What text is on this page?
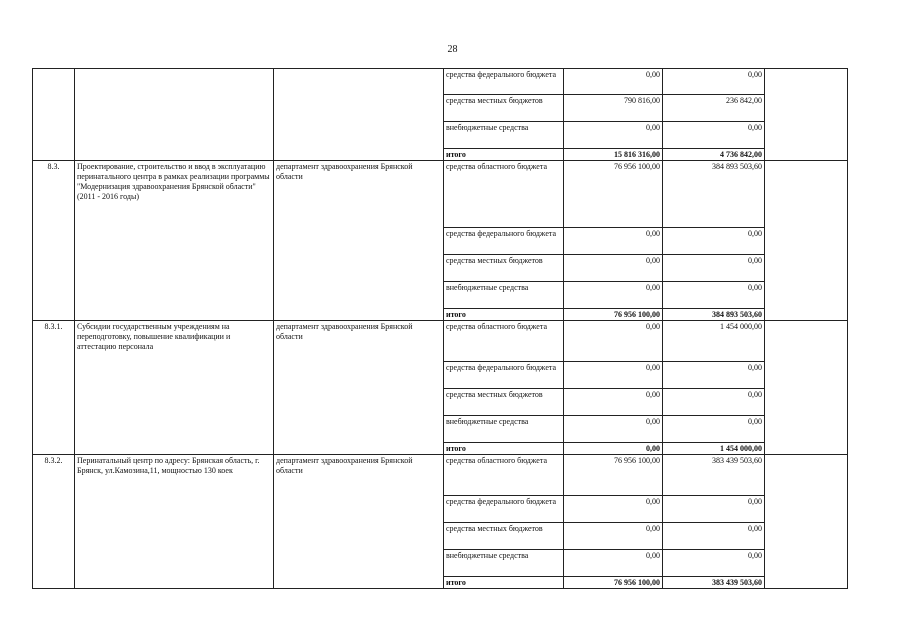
28
			средства федерального бюджета	0,00	0,00	
			средства местных бюджетов	790 816,00	236 842,00	
			внебюджетные средства	0,00	0,00	
			итого	15 816 316,00	4 736 842,00	
8.3.	Проектирование, строительство и ввод в эксплуатацию перинатального центра в рамках реализации программы "Модернизация здравоохранения Брянской области" (2011 - 2016 годы)	департамент здравоохранения Брянской области	средства областного бюджета	76 956 100,00	384 893 503,60	
			средства федерального бюджета	0,00	0,00	
			средства местных бюджетов	0,00	0,00	
			внебюджетные средства	0,00	0,00	
			итого	76 956 100,00	384 893 503,60	
8.3.1.	Субсидии государственным учреждениям на переподготовку, повышение квалификации и аттестацию персонала	департамент здравоохранения Брянской области	средства областного бюджета	0,00	1 454 000,00	
			средства федерального бюджета	0,00	0,00	
			средства местных бюджетов	0,00	0,00	
			внебюджетные средства	0,00	0,00	
			итого	0,00	1 454 000,00	
8.3.2.	Перинатальный центр по адресу: Брянская область, г. Брянск, ул.Камозина,11, мощностью 130 коек	департамент здравоохранения Брянской области	средства областного бюджета	76 956 100,00	383 439 503,60	
			средства федерального бюджета	0,00	0,00	
			средства местных бюджетов	0,00	0,00	
			внебюджетные средства	0,00	0,00	
			итого	76 956 100,00	383 439 503,60	
